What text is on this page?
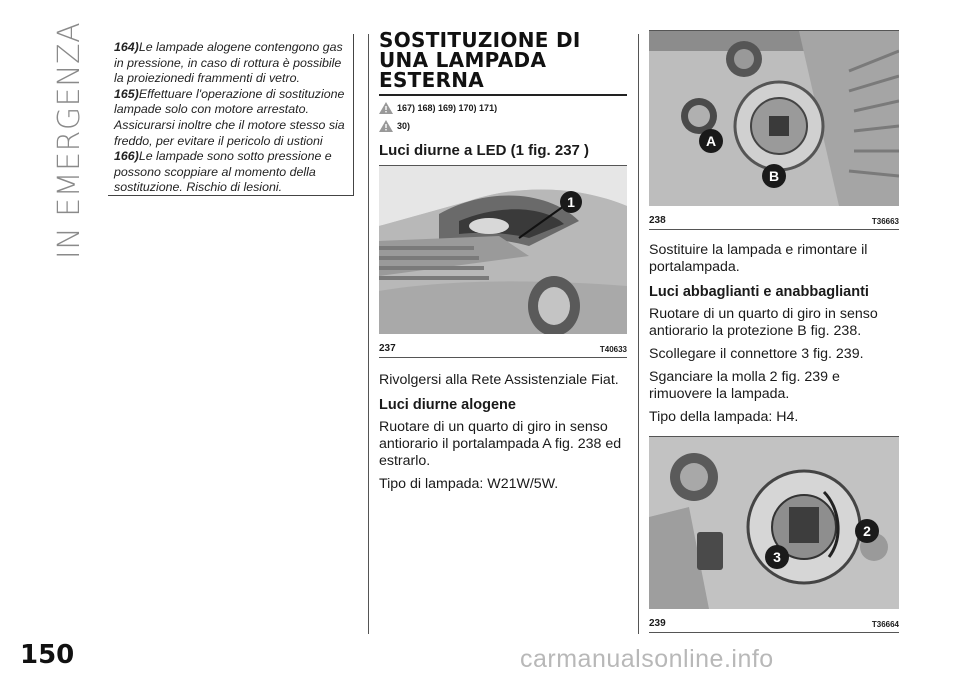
IN EMERGENZA 164)Le lampade alogene contengono gas in pressione, in caso di rottura è possibile la proiezionedi frammenti di vetro.

165)Effettuare l'operazione di sostituzione lampade solo con motore arrestato. Assicurarsi inoltre che il motore stesso sia freddo, per evitare il pericolo di ustioni

166)Le lampade sono sotto pressione e possono scoppiare al momento della sostituzione. Rischio di lesioni.

SOSTITUZIONE DI
UNA LAMPADA
ESTERNA
167) 168) 169) 170) 171)
30)
Luci diurne a LED (1 fig. 237 )
1
237	T40633

Rivolgersi alla Rete Assistenziale Fiat.

Luci diurne alogene

Ruotare di un quarto di giro in senso antiorario il portalampada A fig. 238 ed estrarlo.

Tipo di lampada: W21W/5W.

A
B
238	T36663

Sostituire la lampada e rimontare il portalampada.

Luci abbaglianti e anabbaglianti

Ruotare di un quarto di giro in senso antiorario la protezione B fig. 238.

Scollegare il connettore 3 fig. 239.

Sganciare la molla 2 fig. 239 e rimuovere la lampada.

Tipo della lampada: H4.

2
3
239	T36664
150	carmanualsonline.info
